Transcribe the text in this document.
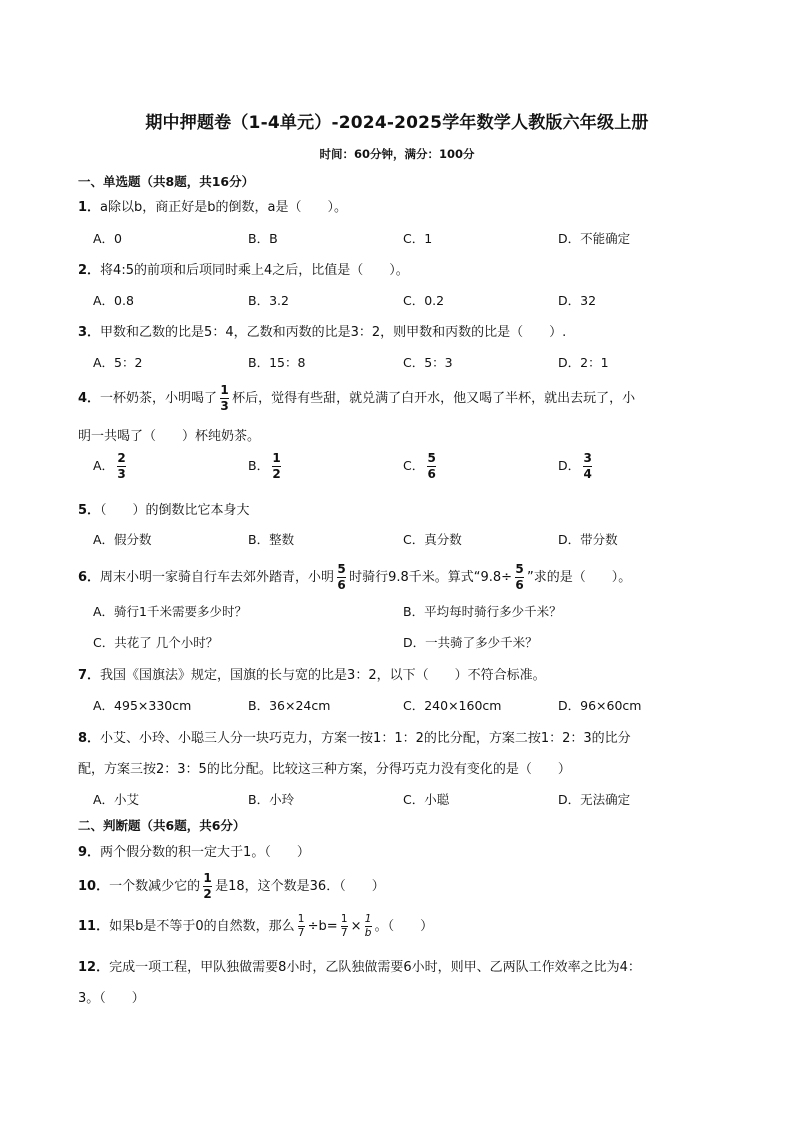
期中押题卷（1-4单元）-2024-2025学年数学人教版六年级上册
时间：60分钟，满分：100分
一、单选题（共8题，共16分）
1．a除以b，商正好是b的倒数，a是（　　）。
A．0	B．B	C．1	D．不能确定
2．将4:5的前项和后项同时乘上4之后，比值是（　　）。
A．0.8	B．3.2	C．0.2	D．32
3．甲数和乙数的比是5：4，乙数和丙数的比是3：2，则甲数和丙数的比是（　　）.
A．5：2	B．15：8	C．5：3	D．2：1
4．一杯奶茶，小明喝了 $\frac{1}{3}$ 杯后，觉得有些甜，就兑满了白开水，他又喝了半杯，就出去玩了，小
明一共喝了（　　）杯纯奶茶。
A． $\frac{2}{3}$	B． $\frac{1}{2}$	C． $\frac{5}{6}$	D． $\frac{3}{4}$
5．（　　）的倒数比它本身大
A．假分数	B．整数	C．真分数	D．带分数
6．周末小明一家骑自行车去郊外踏青，小明 $\frac{5}{6}$ 时骑行9.8千米。算式“$9.8\div \frac{5}{6}$ ”求的是（　　）。
A．骑行1千米需要多少时？	B．平均每时骑行多少千米？
C．共花了 几个小时？	D．一共骑了多少千米？
7．我国《国旗法》规定，国旗的长与宽的比是3：2，以下（　　）不符合标准。
A．495×330cm	B．36×24cm	C．240×160cm	D．96×60cm
8．小艾、小玲、小聪三人分一块巧克力，方案一按1：1：2的比分配，方案二按1：2：3的比分
配，方案三按2：3：5的比分配。比较这三种方案，分得巧克力没有变化的是（　　）
A．小艾	B．小玲	C．小聪	D．无法确定
二、判断题（共6题，共6分）
9．两个假分数的积一定大于1。（　　）
10．一个数减少它的 $\frac{1}{2}$ 是18，这个数是36．（　　）
11．如果b是不等于0的自然数，那么 $\frac{1}{7} \div b= \frac{1}{7} \times \frac{1}{b}$ 。（　　）
12．完成一项工程，甲队独做需要8小时，乙队独做需要6小时，则甲、乙两队工作效率之比为4：
3。（　　）
